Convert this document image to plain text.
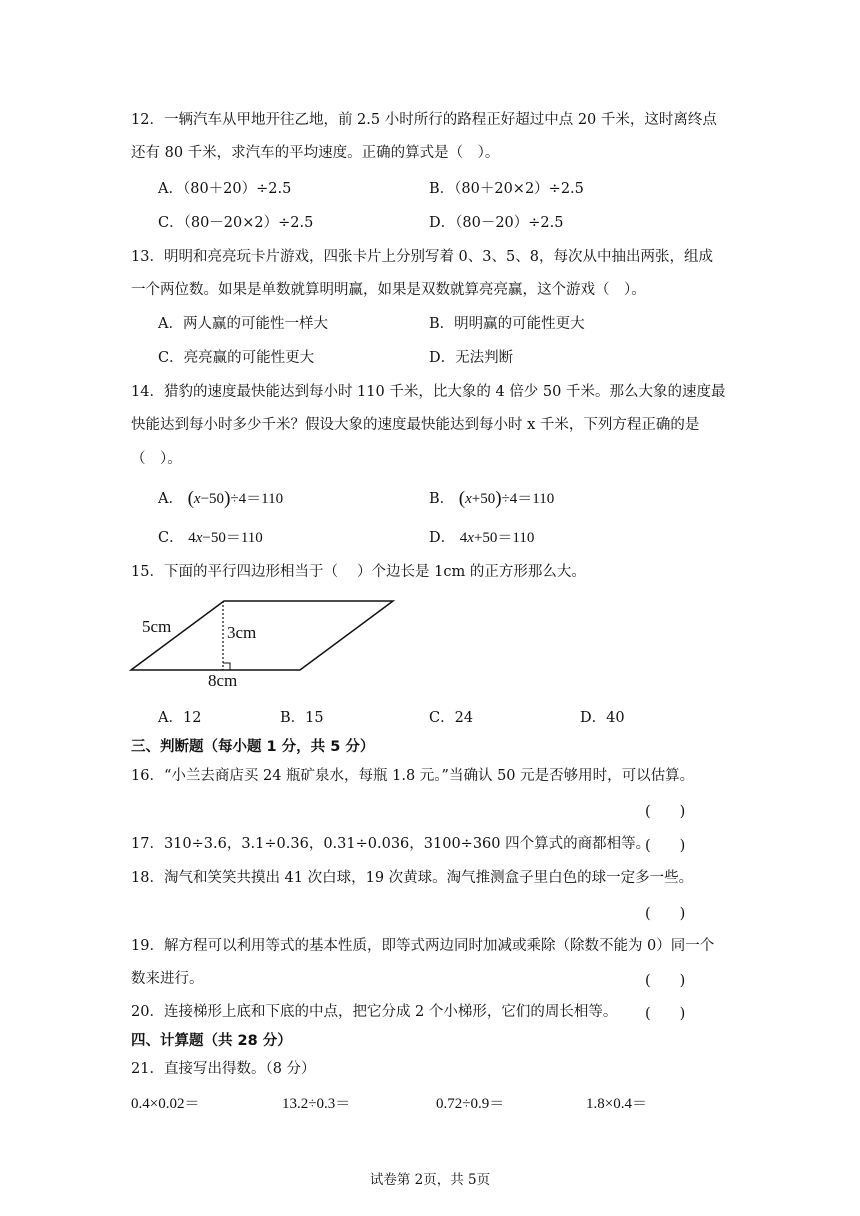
12．一辆汽车从甲地开往乙地，前 2.5 小时所行的路程正好超过中点 20 千米，这时离终点
还有 80 千米，求汽车的平均速度。正确的算式是（　）。
A．（80＋20）÷2.5	B．（80＋20×2）÷2.5
C．（80－20×2）÷2.5	D．（80－20）÷2.5
13．明明和亮亮玩卡片游戏，四张卡片上分别写着 0、3、5、8，每次从中抽出两张，组成
一个两位数。如果是单数就算明明赢，如果是双数就算亮亮赢，这个游戏（　）。
A．两人赢的可能性一样大	B．明明赢的可能性更大
C．亮亮赢的可能性更大	D．无法判断
14．猎豹的速度最快能达到每小时 110 千米，比大象的 4 倍少 50 千米。那么大象的速度最
快能达到每小时多少千米？假设大象的速度最快能达到每小时 x 千米，下列方程正确的是
（　）。
A． (x−50)÷4＝110	B． (x+50)÷4＝110
C． 4x−50＝110	D． 4x+50＝110
15．下面的平行四边形相当于（　 ）个边长是 1cm 的正方形那么大。
5cm	3cm
8cm
A．12	B．15	C．24	D．40
三、判断题（每小题 1 分，共 5 分）
16．“小兰去商店买 24 瓶矿泉水，每瓶 1.8 元。”当确认 50 元是否够用时，可以估算。
(　　)
17．310÷3.6，3.1÷0.36，0.31÷0.036，3100÷360 四个算式的商都相等。
(　　)
18．淘气和笑笑共摸出 41 次白球，19 次黄球。淘气推测盒子里白色的球一定多一些。
(　　)
19．解方程可以利用等式的基本性质，即等式两边同时加减或乘除（除数不能为 0）同一个
数来进行。	(　　)
20．连接梯形上底和下底的中点，把它分成 2 个小梯形，它们的周长相等。 (　　)
四、计算题（共 28 分）
21．直接写出得数。（8 分）
0.4×0.02＝	13.2÷0.3＝	0.72÷0.9＝	1.8×0.4＝
试卷第 2页，共 5页
